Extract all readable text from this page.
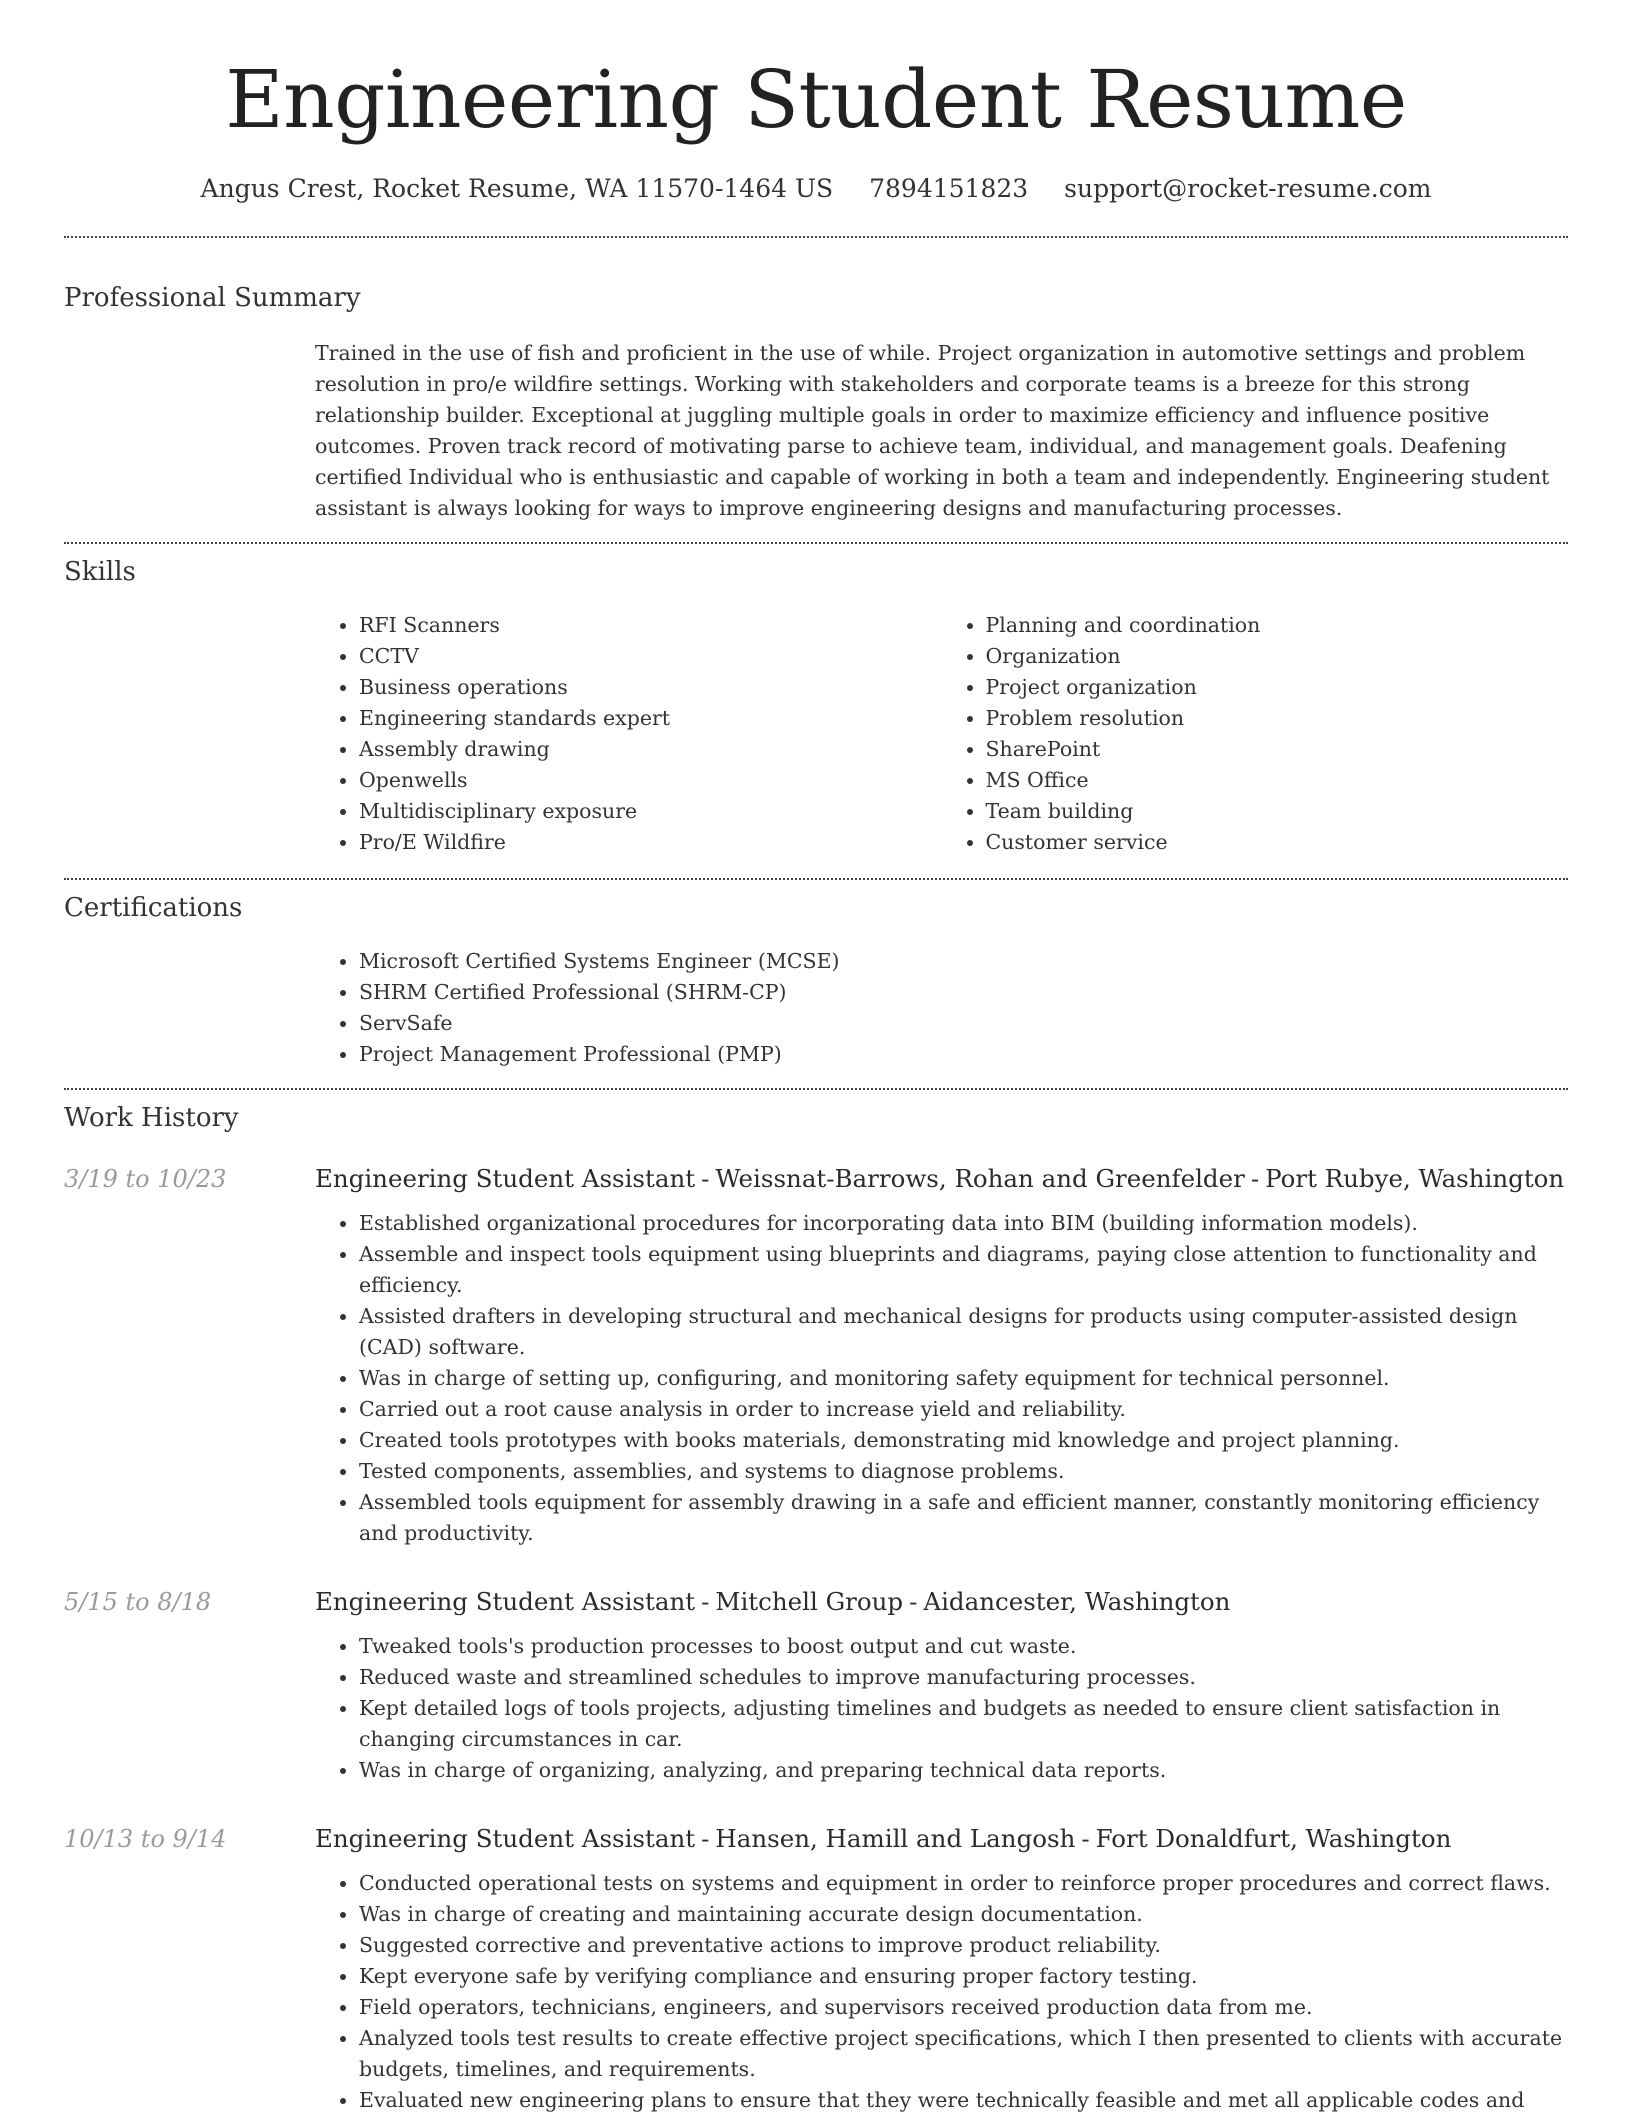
Engineering Student Resume
Angus Crest, Rocket Resume, WA 11570-1464 US 7894151823 support@rocket-resume.com
Professional Summary
Trained in the use of fish and proficient in the use of while. Project organization in automotive settings and problem resolution in pro/e wildfire settings. Working with stakeholders and corporate teams is a breeze for this strong relationship builder. Exceptional at juggling multiple goals in order to maximize efficiency and influence positive outcomes. Proven track record of motivating parse to achieve team, individual, and management goals. Deafening certified Individual who is enthusiastic and capable of working in both a team and independently. Engineering student assistant is always looking for ways to improve engineering designs and manufacturing processes.
Skills
• RFI Scanners
• CCTV
• Business operations
• Engineering standards expert
• Assembly drawing
• Openwells
• Multidisciplinary exposure
• Pro/E Wildfire
• Planning and coordination
• Organization
• Project organization
• Problem resolution
• SharePoint
• MS Office
• Team building
• Customer service
Certifications
• Microsoft Certified Systems Engineer (MCSE)
• SHRM Certified Professional (SHRM-CP)
• ServSafe
• Project Management Professional (PMP)
Work History
3/19 to 10/23	Engineering Student Assistant - Weissnat-Barrows, Rohan and Greenfelder - Port Rubye, Washington
• Established organizational procedures for incorporating data into BIM (building information models).
• Assemble and inspect tools equipment using blueprints and diagrams, paying close attention to functionality and efficiency.
• Assisted drafters in developing structural and mechanical designs for products using computer-assisted design (CAD) software.
• Was in charge of setting up, configuring, and monitoring safety equipment for technical personnel.
• Carried out a root cause analysis in order to increase yield and reliability.
• Created tools prototypes with books materials, demonstrating mid knowledge and project planning.
• Tested components, assemblies, and systems to diagnose problems.
• Assembled tools equipment for assembly drawing in a safe and efficient manner, constantly monitoring efficiency and productivity.
5/15 to 8/18	Engineering Student Assistant - Mitchell Group - Aidancester, Washington
• Tweaked tools's production processes to boost output and cut waste.
• Reduced waste and streamlined schedules to improve manufacturing processes.
• Kept detailed logs of tools projects, adjusting timelines and budgets as needed to ensure client satisfaction in changing circumstances in car.
• Was in charge of organizing, analyzing, and preparing technical data reports.
10/13 to 9/14	Engineering Student Assistant - Hansen, Hamill and Langosh - Fort Donaldfurt, Washington
• Conducted operational tests on systems and equipment in order to reinforce proper procedures and correct flaws.
• Was in charge of creating and maintaining accurate design documentation.
• Suggested corrective and preventative actions to improve product reliability.
• Kept everyone safe by verifying compliance and ensuring proper factory testing.
• Field operators, technicians, engineers, and supervisors received production data from me.
• Analyzed tools test results to create effective project specifications, which I then presented to clients with accurate budgets, timelines, and requirements.
• Evaluated new engineering plans to ensure that they were technically feasible and met all applicable codes and
